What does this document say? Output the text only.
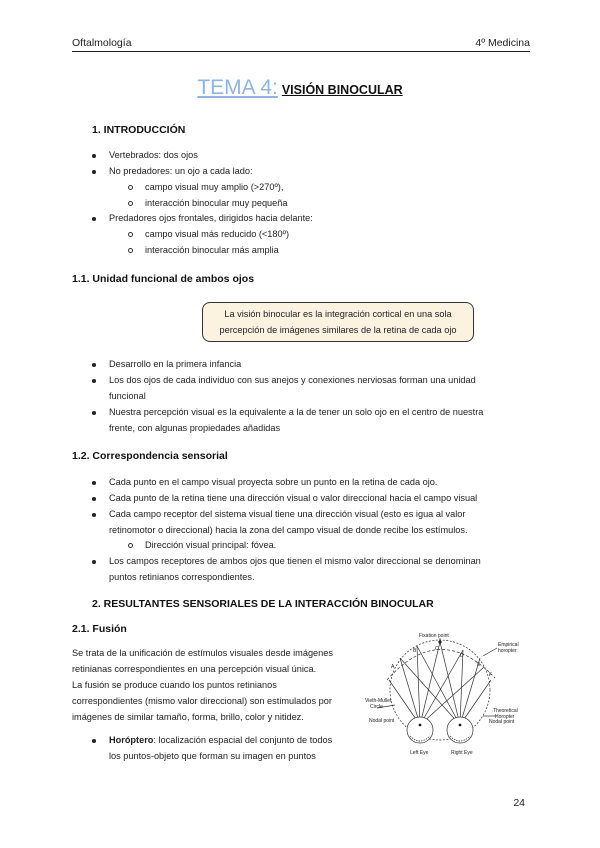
Oftalmología	4º Medicina
TEMA 4: VISIÓN BINOCULAR
1. INTRODUCCIÓN
Vertebrados: dos ojos
No predadores: un ojo a cada lado:
campo visual muy amplio (>270º),
interacción binocular muy pequeña
Predadores ojos frontales, dirigidos hacia delante:
campo visual más reducido (<180º)
interacción binocular más amplia
1.1. Unidad funcional de ambos ojos
La visión binocular es la integración cortical en una sola
percepción de imágenes similares de la retina de cada ojo
Desarrollo en la primera infancia
Los dos ojos de cada individuo con sus anejos y conexiones nerviosas forman una unidad
funcional
Nuestra percepción visual es la equivalente a la de tener un solo ojo en el centro de nuestra
frente, con algunas propiedades añadidas
1.2. Correspondencia sensorial
Cada punto en el campo visual proyecta sobre un punto en la retina de cada ojo.
Cada punto de la retina tiene una dirección visual o valor direccional hacia el campo visual
Cada campo receptor del sistema visual tiene una dirección visual (esto es igua al valor
retinomotor o direccional) hacia la zona del campo visual de donde recibe los estímulos.
Dirección visual principal: fóvea.
Los campos receptores de ambos ojos que tienen el mismo valor direccional se denominan
puntos retinianos correspondientes.
2. RESULTANTES SENSORIALES DE LA INTERACCIÓN BINOCULAR
2.1. Fusión
Se trata de la unificación de estímulos visuales desde imágenes
retinianas correspondientes en una percepción visual única.
La fusión se produce cuando los puntos retinianos
correspondientes (mismo valor direccional) son estimulados por
imágenes de similar tamaño, forma, brillo, color y nitidez.
Horóptero: localización espacial del conjunto de todos
los puntos-objeto que forman su imagen en puntos
Fixation point
Empirical
horopter
Vieth-Muller
Circle
Theoretical
Horopter
Nodal point	Nodal point
Left Eye	Right Eye
A
B	C
D
E
F
24
